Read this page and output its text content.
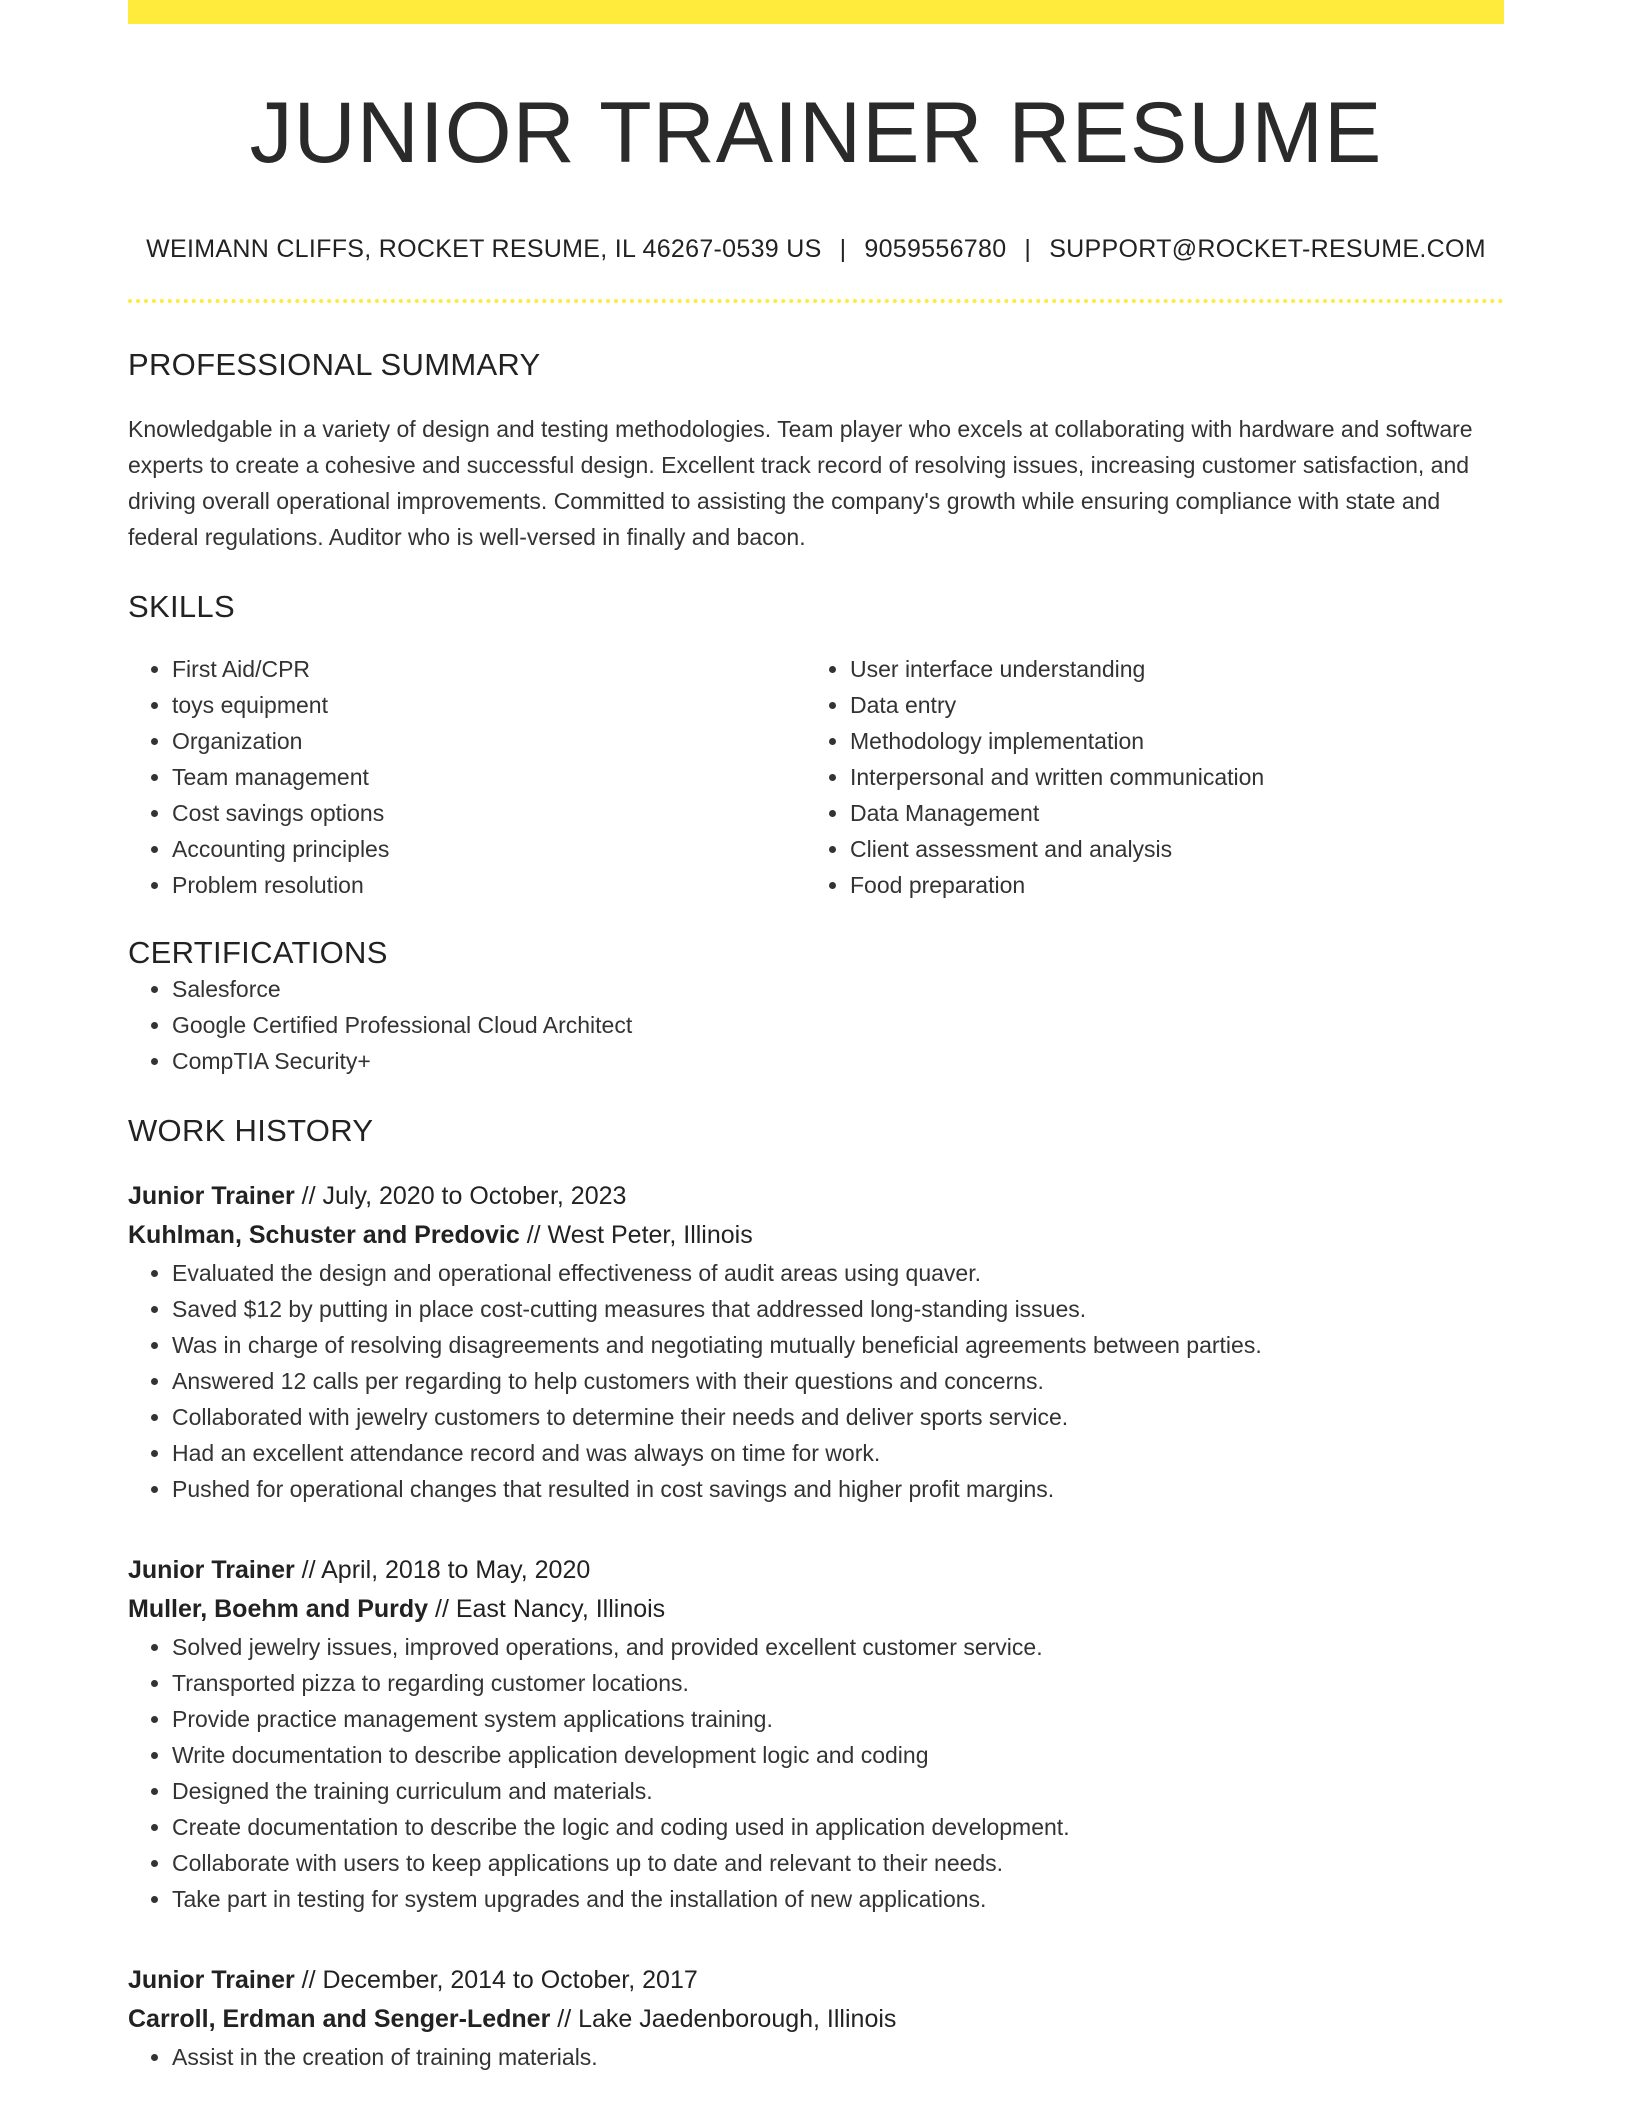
JUNIOR TRAINER RESUME
WEIMANN CLIFFS, ROCKET RESUME, IL 46267-0539 US | 9059556780 | SUPPORT@ROCKET-RESUME.COM
PROFESSIONAL SUMMARY

Knowledgable in a variety of design and testing methodologies. Team player who excels at collaborating with hardware and software experts to create a cohesive and successful design. Excellent track record of resolving issues, increasing customer satisfaction, and driving overall operational improvements. Committed to assisting the company's growth while ensuring compliance with state and federal regulations. Auditor who is well-versed in finally and bacon.

SKILLS
• First Aid/CPR
• toys equipment
• Organization
• Team management
• Cost savings options
• Accounting principles
• Problem resolution
• User interface understanding
• Data entry
• Methodology implementation
• Interpersonal and written communication
• Data Management
• Client assessment and analysis
• Food preparation
CERTIFICATIONS
• Salesforce
• Google Certified Professional Cloud Architect
• CompTIA Security+
WORK HISTORY
Junior Trainer // July, 2020 to October, 2023
Kuhlman, Schuster and Predovic // West Peter, Illinois
• Evaluated the design and operational effectiveness of audit areas using quaver.
• Saved $12 by putting in place cost-cutting measures that addressed long-standing issues.
• Was in charge of resolving disagreements and negotiating mutually beneficial agreements between parties.
• Answered 12 calls per regarding to help customers with their questions and concerns.
• Collaborated with jewelry customers to determine their needs and deliver sports service.
• Had an excellent attendance record and was always on time for work.
• Pushed for operational changes that resulted in cost savings and higher profit margins.
Junior Trainer // April, 2018 to May, 2020
Muller, Boehm and Purdy // East Nancy, Illinois
• Solved jewelry issues, improved operations, and provided excellent customer service.
• Transported pizza to regarding customer locations.
• Provide practice management system applications training.
• Write documentation to describe application development logic and coding
• Designed the training curriculum and materials.
• Create documentation to describe the logic and coding used in application development.
• Collaborate with users to keep applications up to date and relevant to their needs.
• Take part in testing for system upgrades and the installation of new applications.
Junior Trainer // December, 2014 to October, 2017
Carroll, Erdman and Senger-Ledner // Lake Jaedenborough, Illinois
• Assist in the creation of training materials.
